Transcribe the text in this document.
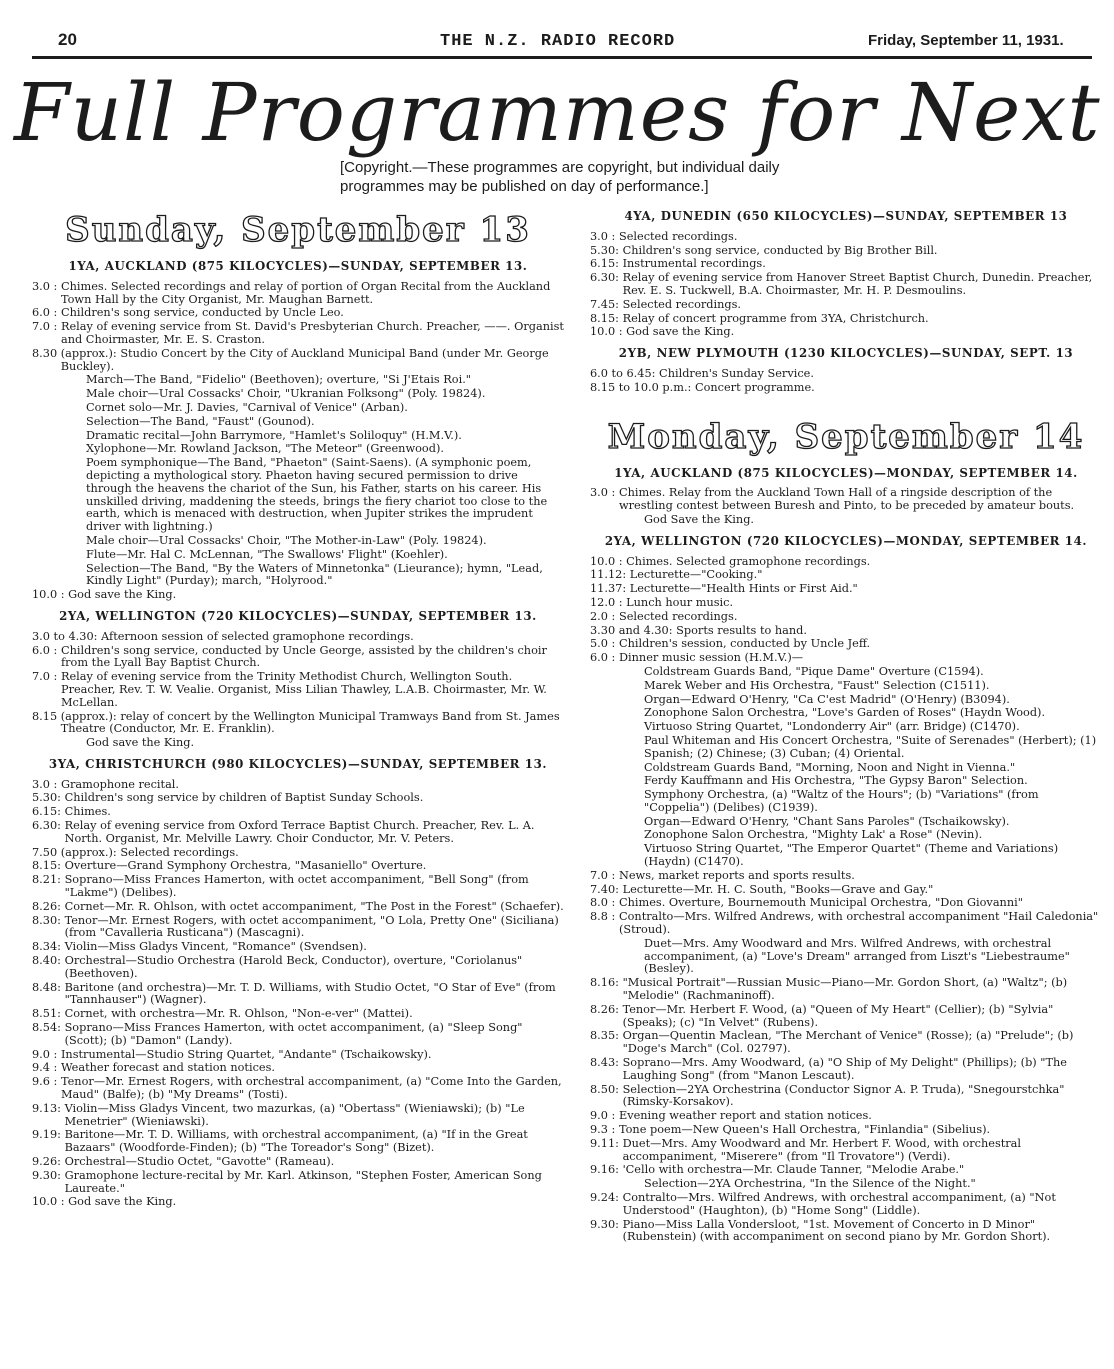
20	THE N.Z. RADIO RECORD	Friday, September 11, 1931.
Full Programmes for Next
[Copyright.—These programmes are copyright, but individual daily programmes may be published on day of performance.]
Sunday, September 13
1YA, AUCKLAND (875 KILOCYCLES)—SUNDAY, SEPTEMBER 13.
3.0 : Chimes. Selected recordings and relay of portion of Organ Recital from the Auckland Town Hall by the City Organist, Mr. Maughan Barnett.
6.0 : Children's song service, conducted by Uncle Leo.
7.0 : Relay of evening service from St. David's Presbyterian Church. Preacher, ——. Organist and Choirmaster, Mr. E. S. Craston.
8.30 (approx.): Studio Concert by the City of Auckland Municipal Band (under Mr. George Buckley).
March—The Band, "Fidelio" (Beethoven); overture, "Si J'Etais Roi."
Male choir—Ural Cossacks' Choir, "Ukranian Folksong" (Poly. 19824).
Cornet solo—Mr. J. Davies, "Carnival of Venice" (Arban).
Selection—The Band, "Faust" (Gounod).
Dramatic recital—John Barrymore, "Hamlet's Soliloquy" (H.M.V.).
Xylophone—Mr. Rowland Jackson, "The Meteor" (Greenwood).
Poem symphonique—The Band, "Phaeton" (Saint-Saens). (A symphonic poem, depicting a mythological story. Phaeton having secured permission to drive through the heavens the chariot of the Sun, his Father, starts on his career. His unskilled driving, maddening the steeds, brings the fiery chariot too close to the earth, which is menaced with destruction, when Jupiter strikes the imprudent driver with lightning.)
Male choir—Ural Cossacks' Choir, "The Mother-in-Law" (Poly. 19824).
Flute—Mr. Hal C. McLennan, "The Swallows' Flight" (Koehler).
Selection—The Band, "By the Waters of Minnetonka" (Lieurance); hymn, "Lead, Kindly Light" (Purday); march, "Holyrood."
10.0 : God save the King.
2YA, WELLINGTON (720 KILOCYCLES)—SUNDAY, SEPTEMBER 13.
3.0 to 4.30: Afternoon session of selected gramophone recordings.
6.0 : Children's song service, conducted by Uncle George, assisted by the children's choir from the Lyall Bay Baptist Church.
7.0 : Relay of evening service from the Trinity Methodist Church, Wellington South. Preacher, Rev. T. W. Vealie. Organist, Miss Lilian Thawley, L.A.B. Choirmaster, Mr. W. McLellan.
8.15 (approx.): relay of concert by the Wellington Municipal Tramways Band from St. James Theatre (Conductor, Mr. E. Franklin).
God save the King.
3YA, CHRISTCHURCH (980 KILOCYCLES)—SUNDAY, SEPTEMBER 13.
3.0 : Gramophone recital.
5.30: Children's song service by children of Baptist Sunday Schools.
6.15: Chimes.
6.30: Relay of evening service from Oxford Terrace Baptist Church. Preacher, Rev. L. A. North. Organist, Mr. Melville Lawry. Choir Conductor, Mr. V. Peters.
7.50 (approx.): Selected recordings.
8.15: Overture—Grand Symphony Orchestra, "Masaniello" Overture.
8.21: Soprano—Miss Frances Hamerton, with octet accompaniment, "Bell Song" (from "Lakme") (Delibes).
8.26: Cornet—Mr. R. Ohlson, with octet accompaniment, "The Post in the Forest" (Schaefer).
8.30: Tenor—Mr. Ernest Rogers, with octet accompaniment, "O Lola, Pretty One" (Siciliana) (from "Cavalleria Rusticana") (Mascagni).
8.34: Violin—Miss Gladys Vincent, "Romance" (Svendsen).
8.40: Orchestral—Studio Orchestra (Harold Beck, Conductor), overture, "Coriolanus" (Beethoven).
8.48: Baritone (and orchestra)—Mr. T. D. Williams, with Studio Octet, "O Star of Eve" (from "Tannhauser") (Wagner).
8.51: Cornet, with orchestra—Mr. R. Ohlson, "Non-e-ver" (Mattei).
8.54: Soprano—Miss Frances Hamerton, with octet accompaniment, (a) "Sleep Song" (Scott); (b) "Damon" (Landy).
9.0 : Instrumental—Studio String Quartet, "Andante" (Tschaikowsky).
9.4 : Weather forecast and station notices.
9.6 : Tenor—Mr. Ernest Rogers, with orchestral accompaniment, (a) "Come Into the Garden, Maud" (Balfe); (b) "My Dreams" (Tosti).
9.13: Violin—Miss Gladys Vincent, two mazurkas, (a) "Obertass" (Wieniawski); (b) "Le Menetrier" (Wieniawski).
9.19: Baritone—Mr. T. D. Williams, with orchestral accompaniment, (a) "If in the Great Bazaars" (Woodforde-Finden); (b) "The Toreador's Song" (Bizet).
9.26: Orchestral—Studio Octet, "Gavotte" (Rameau).
9.30: Gramophone lecture-recital by Mr. Karl. Atkinson, "Stephen Foster, American Song Laureate."
10.0 : God save the King.
4YA, DUNEDIN (650 KILOCYCLES)—SUNDAY, SEPTEMBER 13
3.0 : Selected recordings.
5.30: Children's song service, conducted by Big Brother Bill.
6.15: Instrumental recordings.
6.30: Relay of evening service from Hanover Street Baptist Church, Dunedin. Preacher, Rev. E. S. Tuckwell, B.A. Choirmaster, Mr. H. P. Desmoulins.
7.45: Selected recordings.
8.15: Relay of concert programme from 3YA, Christchurch.
10.0 : God save the King.
2YB, NEW PLYMOUTH (1230 KILOCYCLES)—SUNDAY, SEPT. 13
6.0 to 6.45: Children's Sunday Service.
8.15 to 10.0 p.m.: Concert programme.
Monday, September 14
1YA, AUCKLAND (875 KILOCYCLES)—MONDAY, SEPTEMBER 14.
3.0 : Chimes. Relay from the Auckland Town Hall of a ringside description of the wrestling contest between Buresh and Pinto, to be preceded by amateur bouts.
God Save the King.
2YA, WELLINGTON (720 KILOCYCLES)—MONDAY, SEPTEMBER 14.
10.0 : Chimes. Selected gramophone recordings.
11.12: Lecturette—"Cooking."
11.37: Lecturette—"Health Hints or First Aid."
12.0 : Lunch hour music.
2.0 : Selected recordings.
3.30 and 4.30: Sports results to hand.
5.0 : Children's session, conducted by Uncle Jeff.
6.0 : Dinner music session (H.M.V.)—
Coldstream Guards Band, "Pique Dame" Overture (C1594).
Marek Weber and His Orchestra, "Faust" Selection (C1511).
Organ—Edward O'Henry, "Ca C'est Madrid" (O'Henry) (B3094).
Zonophone Salon Orchestra, "Love's Garden of Roses" (Haydn Wood).
Virtuoso String Quartet, "Londonderry Air" (arr. Bridge) (C1470).
Paul Whiteman and His Concert Orchestra, "Suite of Serenades" (Herbert); (1) Spanish; (2) Chinese; (3) Cuban; (4) Oriental.
Coldstream Guards Band, "Morning, Noon and Night in Vienna."
Ferdy Kauffmann and His Orchestra, "The Gypsy Baron" Selection.
Symphony Orchestra, (a) "Waltz of the Hours"; (b) "Variations" (from "Coppelia") (Delibes) (C1939).
Organ—Edward O'Henry, "Chant Sans Paroles" (Tschaikowsky).
Zonophone Salon Orchestra, "Mighty Lak' a Rose" (Nevin).
Virtuoso String Quartet, "The Emperor Quartet" (Theme and Variations) (Haydn) (C1470).
7.0 : News, market reports and sports results.
7.40: Lecturette—Mr. H. C. South, "Books—Grave and Gay."
8.0 : Chimes. Overture, Bournemouth Municipal Orchestra, "Don Giovanni"
8.8 : Contralto—Mrs. Wilfred Andrews, with orchestral accompaniment "Hail Caledonia" (Stroud).
Duet—Mrs. Amy Woodward and Mrs. Wilfred Andrews, with orchestral accompaniment, (a) "Love's Dream" arranged from Liszt's "Liebestraume" (Besley).
8.16: "Musical Portrait"—Russian Music—Piano—Mr. Gordon Short, (a) "Waltz"; (b) "Melodie" (Rachmaninoff).
8.26: Tenor—Mr. Herbert F. Wood, (a) "Queen of My Heart" (Cellier); (b) "Sylvia" (Speaks); (c) "In Velvet" (Rubens).
8.35: Organ—Quentin Maclean, "The Merchant of Venice" (Rosse); (a) "Prelude"; (b) "Doge's March" (Col. 02797).
8.43: Soprano—Mrs. Amy Woodward, (a) "O Ship of My Delight" (Phillips); (b) "The Laughing Song" (from "Manon Lescaut).
8.50: Selection—2YA Orchestrina (Conductor Signor A. P. Truda), "Snegourstchka" (Rimsky-Korsakov).
9.0 : Evening weather report and station notices.
9.3 : Tone poem—New Queen's Hall Orchestra, "Finlandia" (Sibelius).
9.11: Duet—Mrs. Amy Woodward and Mr. Herbert F. Wood, with orchestral accompaniment, "Miserere" (from "Il Trovatore") (Verdi).
9.16: 'Cello with orchestra—Mr. Claude Tanner, "Melodie Arabe."
Selection—2YA Orchestrina, "In the Silence of the Night."
9.24: Contralto—Mrs. Wilfred Andrews, with orchestral accompaniment, (a) "Not Understood" (Haughton), (b) "Home Song" (Liddle).
9.30: Piano—Miss Lalla Vondersloot, "1st. Movement of Concerto in D Minor" (Rubenstein) (with accompaniment on second piano by Mr. Gordon Short).
